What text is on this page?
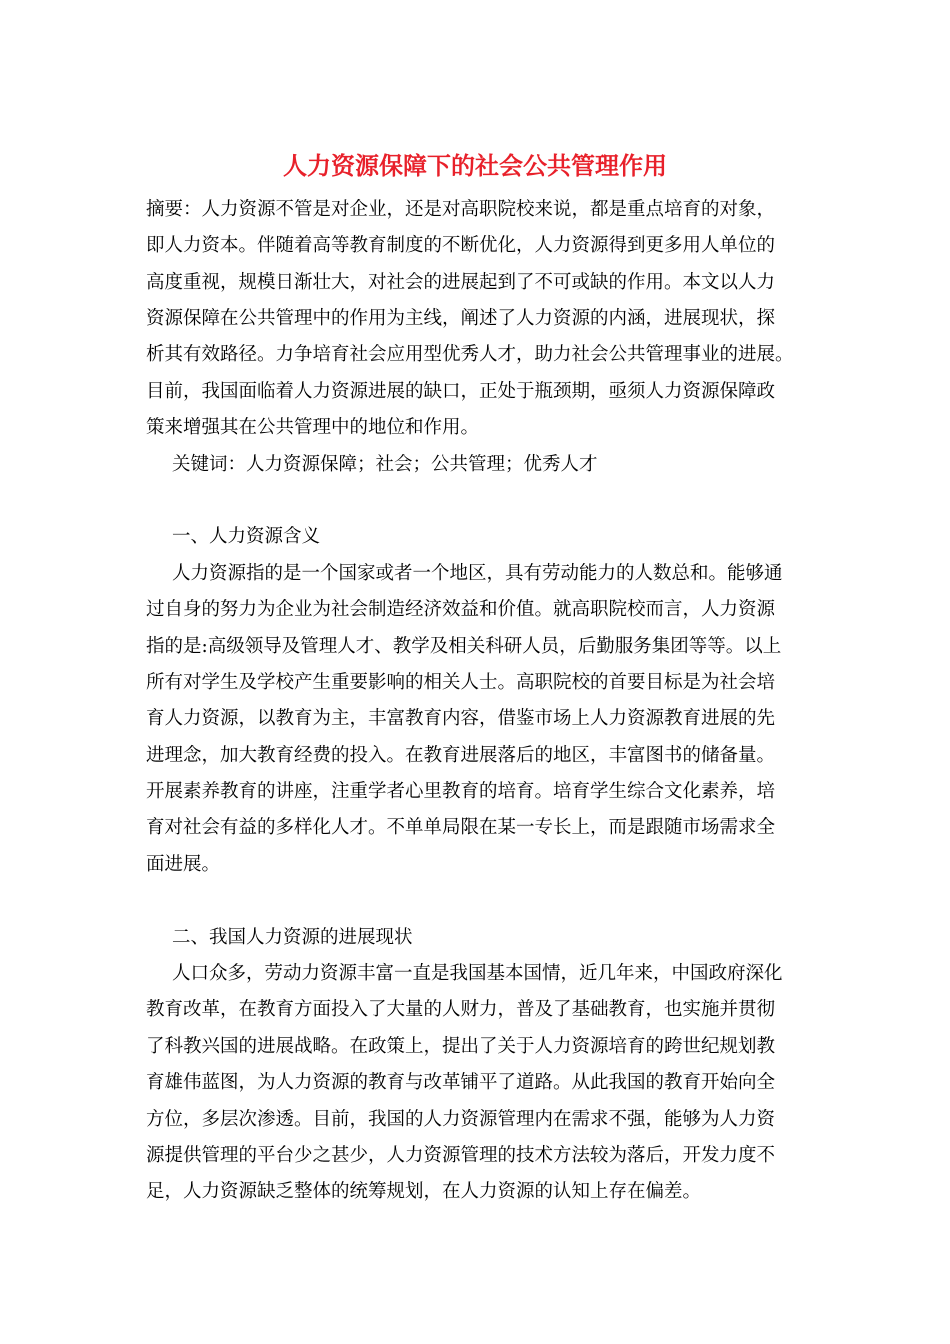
人力资源保障下的社会公共管理作用
摘要：人力资源不管是对企业，还是对高职院校来说，都是重点培育的对象，
即人力资本。伴随着高等教育制度的不断优化，人力资源得到更多用人单位的
高度重视，规模日渐壮大，对社会的进展起到了不可或缺的作用。本文以人力
资源保障在公共管理中的作用为主线，阐述了人力资源的内涵，进展现状，探
析其有效路径。力争培育社会应用型优秀人才，助力社会公共管理事业的进展。
目前，我国面临着人力资源进展的缺口，正处于瓶颈期，亟须人力资源保障政
策来增强其在公共管理中的地位和作用。
关键词：人力资源保障；社会；公共管理；优秀人才
一、人力资源含义
人力资源指的是一个国家或者一个地区，具有劳动能力的人数总和。能够通
过自身的努力为企业为社会制造经济效益和价值。就高职院校而言，人力资源
指的是:高级领导及管理人才、教学及相关科研人员，后勤服务集团等等。以上
所有对学生及学校产生重要影响的相关人士。高职院校的首要目标是为社会培
育人力资源，以教育为主，丰富教育内容，借鉴市场上人力资源教育进展的先
进理念，加大教育经费的投入。在教育进展落后的地区，丰富图书的储备量。
开展素养教育的讲座，注重学者心里教育的培育。培育学生综合文化素养，培
育对社会有益的多样化人才。不单单局限在某一专长上，而是跟随市场需求全
面进展。
二、我国人力资源的进展现状
人口众多，劳动力资源丰富一直是我国基本国情，近几年来，中国政府深化
教育改革，在教育方面投入了大量的人财力，普及了基础教育，也实施并贯彻
了科教兴国的进展战略。在政策上，提出了关于人力资源培育的跨世纪规划教
育雄伟蓝图，为人力资源的教育与改革铺平了道路。从此我国的教育开始向全
方位，多层次渗透。目前，我国的人力资源管理内在需求不强，能够为人力资
源提供管理的平台少之甚少，人力资源管理的技术方法较为落后，开发力度不
足，人力资源缺乏整体的统筹规划，在人力资源的认知上存在偏差。
